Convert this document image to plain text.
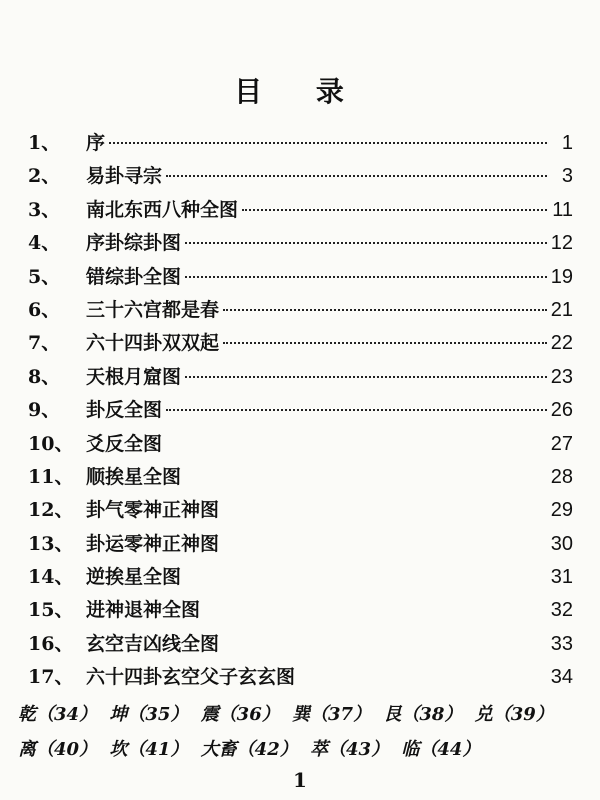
目 录
1、	序	1
2、	易卦寻宗	3
3、	南北东西八种全图	11
4、	序卦综卦图	12
5、	错综卦全图	19
6、	三十六宫都是春	21
7、	六十四卦双双起	22
8、	天根月窟图	23
9、	卦反全图	26
10、 爻反全图	27
11、 顺挨星全图	28
12、 卦气零神正神图	29
13、 卦运零神正神图	30
14、 逆挨星全图	31
15、 进神退神全图	32
16、 玄空吉凶线全图	33
17、 六十四卦玄空父子玄玄图	34
乾（34） 坤（35） 震（36） 巽（37） 艮（38） 兑（39）
离（40） 坎（41） 大畜（42） 萃（43） 临（44）
1
